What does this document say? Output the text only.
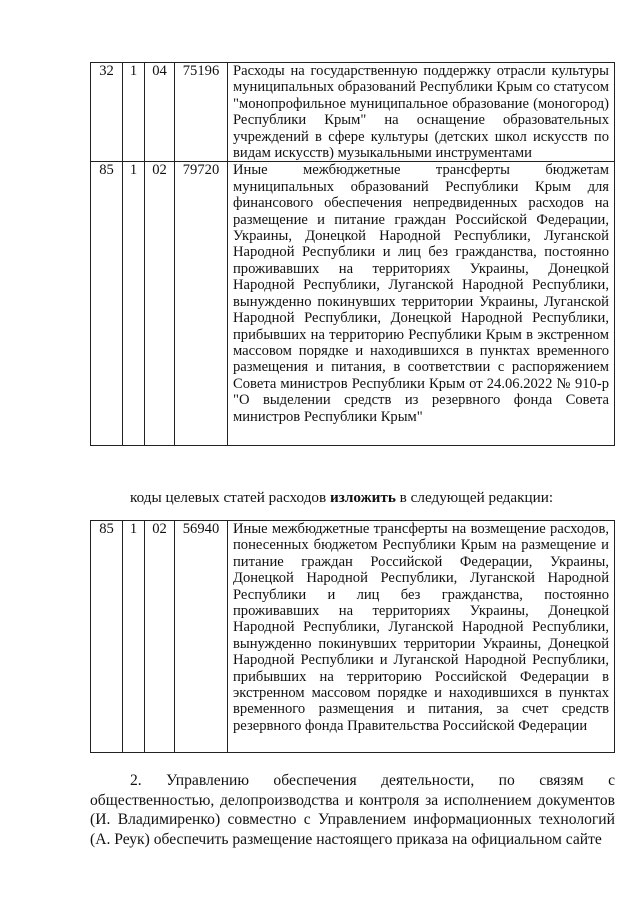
32	1	04	75196	Расходы на государственную поддержку отрасли культуры муниципальных образований Республики Крым со статусом "монопрофильное муниципальное образование (моногород) Республики Крым" на оснащение образовательных учреждений в сфере культуры (детских школ искусств по видам искусств) музыкальными инструментами
85	1	02	79720	Иные межбюджетные трансферты бюджетам муниципальных образований Республики Крым для финансового обеспечения непредвиденных расходов на размещение и питание граждан Российской Федерации, Украины, Донецкой Народной Республики, Луганской Народной Республики и лиц без гражданства, постоянно проживавших на территориях Украины, Донецкой Народной Республики, Луганской Народной Республики, вынужденно покинувших территории Украины, Луганской Народной Республики, Донецкой Народной Республики, прибывших на территорию Республики Крым в экстренном массовом порядке и находившихся в пунктах временного размещения и питания, в соответствии с распоряжением Совета министров Республики Крым от 24.06.2022 № 910-р "О выделении средств из резервного фонда Совета министров Республики Крым"
коды целевых статей расходов изложить в следующей редакции:
85	1	02	56940	Иные межбюджетные трансферты на возмещение расходов, понесенных бюджетом Республики Крым на размещение и питание граждан Российской Федерации, Украины, Донецкой Народной Республики, Луганской Народной Республики и лиц без гражданства, постоянно проживавших на территориях Украины, Донецкой Народной Республики, Луганской Народной Республики, вынужденно покинувших территории Украины, Донецкой Народной Республики и Луганской Народной Республики, прибывших на территорию Российской Федерации в экстренном массовом порядке и находившихся в пунктах временного размещения и питания, за счет средств резервного фонда Правительства Российской Федерации

2. Управлению обеспечения деятельности, по связям с общественностью, делопроизводства и контроля за исполнением документов (И. Владимиренко) совместно с Управлением информационных технологий (А. Реук) обеспечить размещение настоящего приказа на официальном сайте
